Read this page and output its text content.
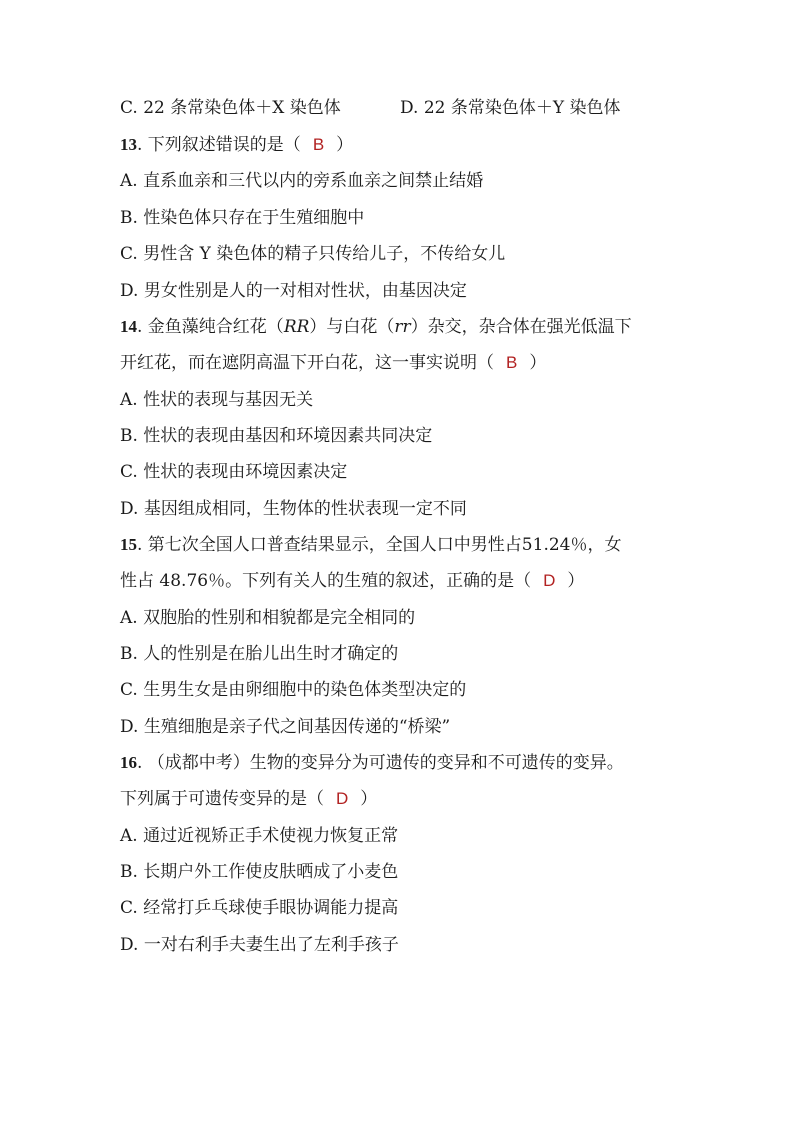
C. 22 条常染色体＋X 染色体	D. 22 条常染色体＋Y 染色体
13. 下列叙述错误的是（ B ）
A. 直系血亲和三代以内的旁系血亲之间禁止结婚
B. 性染色体只存在于生殖细胞中
C. 男性含 Y 染色体的精子只传给儿子，不传给女儿
D. 男女性别是人的一对相对性状，由基因决定
14. 金鱼藻纯合红花（RR）与白花（rr）杂交，杂合体在强光低温下
开红花，而在遮阴高温下开白花，这一事实说明（ B ）
A. 性状的表现与基因无关
B. 性状的表现由基因和环境因素共同决定
C. 性状的表现由环境因素决定
D. 基因组成相同，生物体的性状表现一定不同
15. 第七次全国人口普查结果显示，全国人口中男性占51.24％，女
性占 48.76％。下列有关人的生殖的叙述，正确的是（ D ）
A. 双胞胎的性别和相貌都是完全相同的
B. 人的性别是在胎儿出生时才确定的
C. 生男生女是由卵细胞中的染色体类型决定的
D. 生殖细胞是亲子代之间基因传递的“桥梁”
16. （成都中考）生物的变异分为可遗传的变异和不可遗传的变异。
下列属于可遗传变异的是（ D ）
A. 通过近视矫正手术使视力恢复正常
B. 长期户外工作使皮肤晒成了小麦色
C. 经常打乒乓球使手眼协调能力提高
D. 一对右利手夫妻生出了左利手孩子
